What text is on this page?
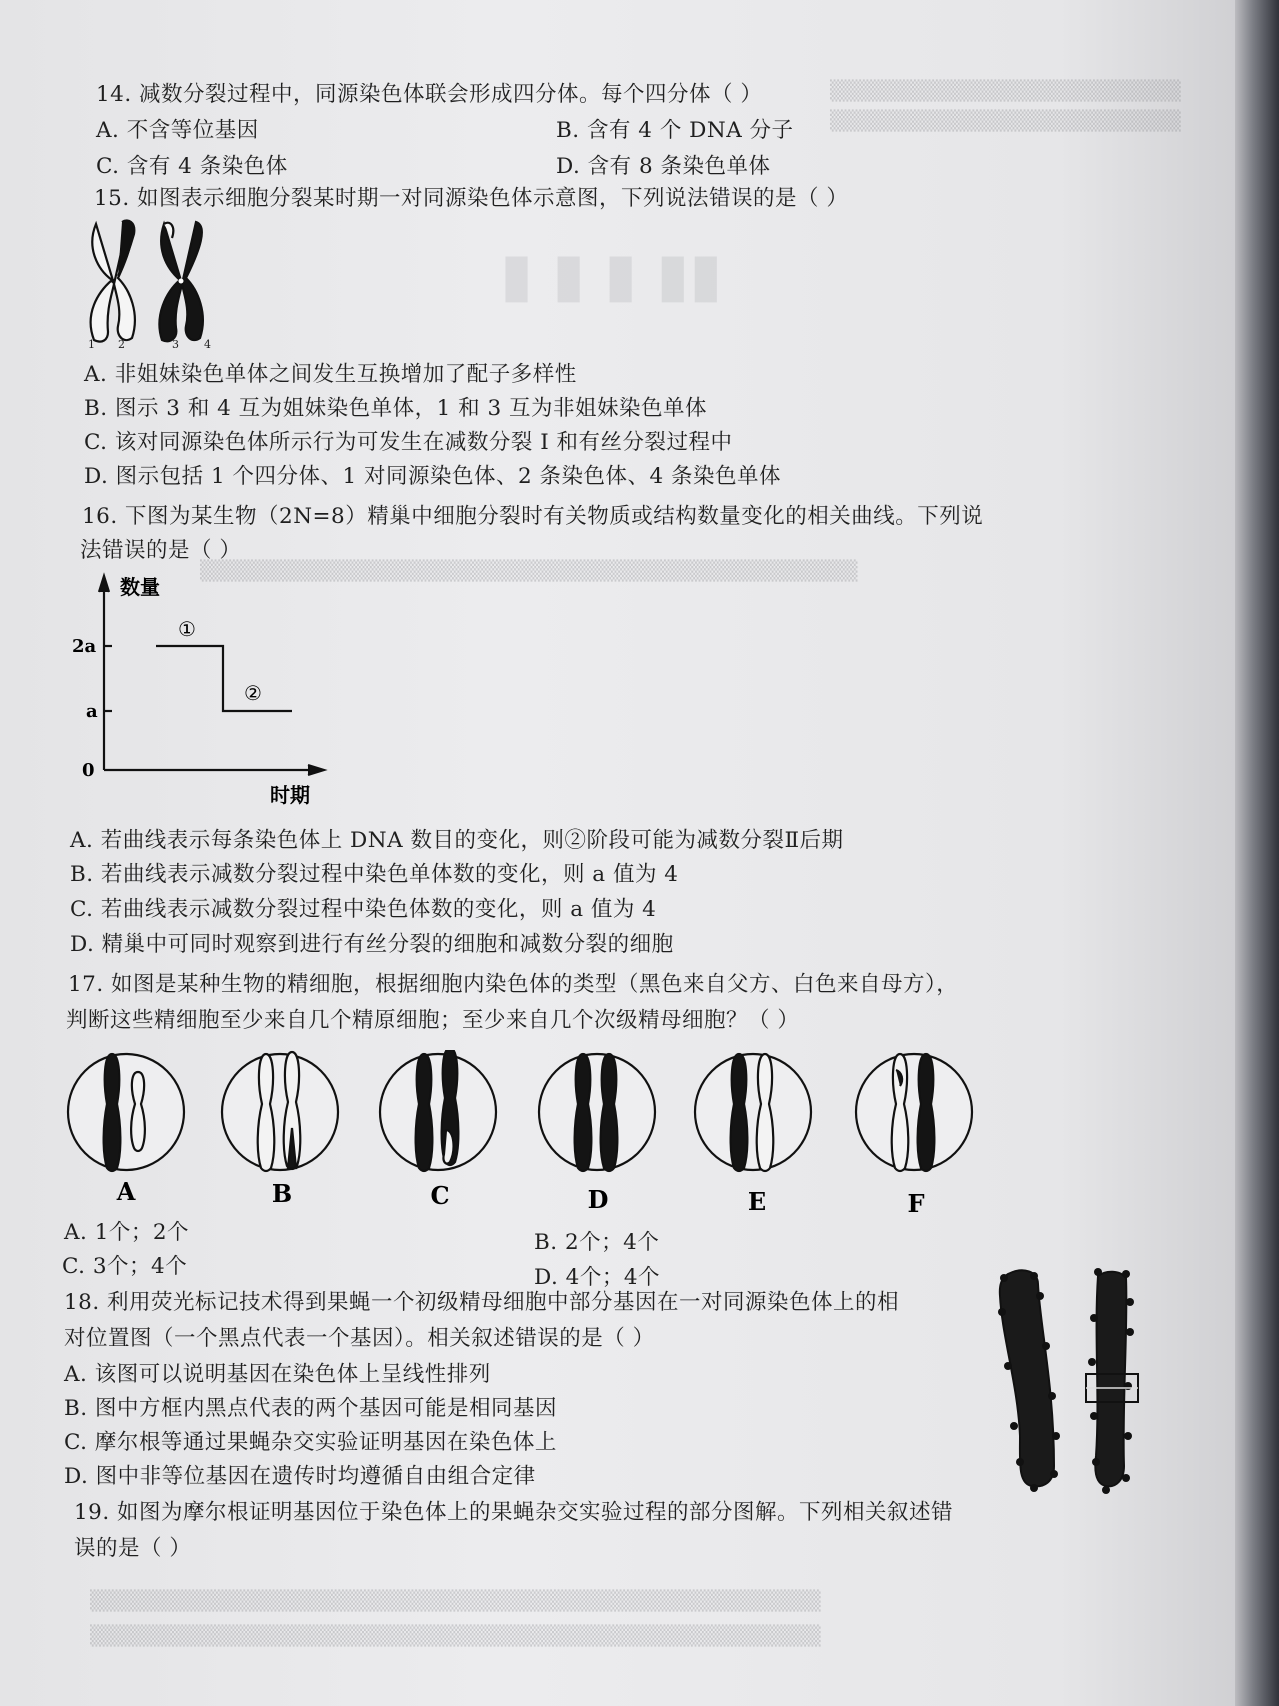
▒▒▒▒▒▒▒▒▒▒▒▒▒▒▒▒▒▒▒▒▒▒▒▒
▒▒▒▒▒▒▒▒▒▒▒▒▒▒▒▒▒▒▒▒▒▒▒▒
▮ ▮ ▮ ▮▮
▒▒▒▒▒▒▒▒▒▒▒▒▒▒▒▒▒▒▒▒▒▒▒▒▒▒▒▒▒▒▒▒▒▒▒▒▒▒▒▒▒▒▒▒▒
▒▒▒▒▒▒▒▒▒▒▒▒▒▒▒▒▒▒▒▒▒▒▒▒▒▒▒▒▒▒▒▒▒▒▒▒▒▒▒▒▒▒▒▒▒▒▒▒▒▒
▒▒▒▒▒▒▒▒▒▒▒▒▒▒▒▒▒▒▒▒▒▒▒▒▒▒▒▒▒▒▒▒▒▒▒▒▒▒▒▒▒▒▒▒▒▒▒▒▒▒
14. 减数分裂过程中，同源染色体联会形成四分体。每个四分体（ ）
A. 不含等位基因	B. 含有 4 个 DNA 分子
C. 含有 4 条染色体	D. 含有 8 条染色单体
15. 如图表示细胞分裂某时期一对同源染色体示意图，下列说法错误的是（ ）
1 2	3 4
A. 非姐妹染色单体之间发生互换增加了配子多样性
B. 图示 3 和 4 互为姐妹染色单体，1 和 3 互为非姐妹染色单体
C. 该对同源染色体所示行为可发生在减数分裂 I 和有丝分裂过程中
D. 图示包括 1 个四分体、1 对同源染色体、2 条染色体、4 条染色单体
16. 下图为某生物（2N=8）精巢中细胞分裂时有关物质或结构数量变化的相关曲线。下列说
法错误的是（ ）
数量
时期
0
a
2a
①
②
A. 若曲线表示每条染色体上 DNA 数目的变化，则②阶段可能为减数分裂Ⅱ后期
B. 若曲线表示减数分裂过程中染色单体数的变化，则 a 值为 4
C. 若曲线表示减数分裂过程中染色体数的变化，则 a 值为 4
D. 精巢中可同时观察到进行有丝分裂的细胞和减数分裂的细胞
17. 如图是某种生物的精细胞，根据细胞内染色体的类型（黑色来自父方、白色来自母方），
判断这些精细胞至少来自几个精原细胞；至少来自几个次级精母细胞？（ ）
A	B	C	D	E	F
A. 1个；2个	B. 2个；4个
C. 3个；4个	D. 4个；4个
18. 利用荧光标记技术得到果蝇一个初级精母细胞中部分基因在一对同源染色体上的相
对位置图（一个黑点代表一个基因）。相关叙述错误的是（ ）
A. 该图可以说明基因在染色体上呈线性排列
B. 图中方框内黑点代表的两个基因可能是相同基因
C. 摩尔根等通过果蝇杂交实验证明基因在染色体上
D. 图中非等位基因在遗传时均遵循自由组合定律
19. 如图为摩尔根证明基因位于染色体上的果蝇杂交实验过程的部分图解。下列相关叙述错
误的是（ ）
